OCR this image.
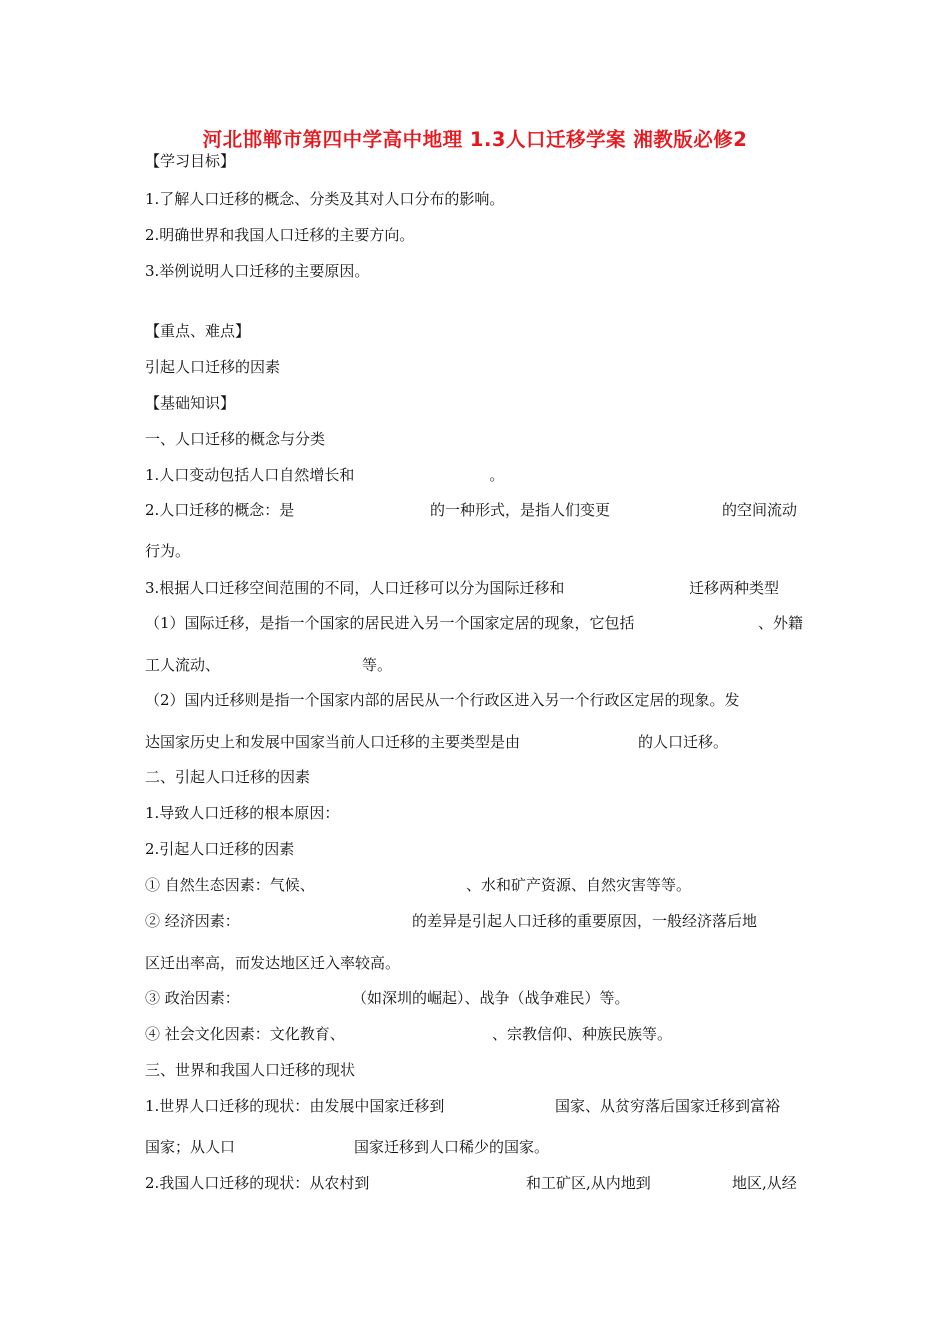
河北邯郸市第四中学高中地理 1.3人口迁移学案 湘教版必修2
【学习目标】
1.了解人口迁移的概念、分类及其对人口分布的影响。
2.明确世界和我国人口迁移的主要方向。
3.举例说明人口迁移的主要原因。
【重点、难点】
引起人口迁移的因素
【基础知识】
一、人口迁移的概念与分类
1.人口变动包括人口自然增长和	。
2.人口迁移的概念：是	的一种形式，是指人们变更	的空间流动
行为。
3.根据人口迁移空间范围的不同，人口迁移可以分为国际迁移和	迁移两种类型
（1）国际迁移，是指一个国家的居民进入另一个国家定居的现象，它包括	、外籍
工人流动、	等。
（2）国内迁移则是指一个国家内部的居民从一个行政区进入另一个行政区定居的现象。发
达国家历史上和发展中国家当前人口迁移的主要类型是由	的人口迁移。
二、引起人口迁移的因素
1.导致人口迁移的根本原因：
2.引起人口迁移的因素
① 自然生态因素：气候、	、水和矿产资源、自然灾害等等。
② 经济因素：	的差异是引起人口迁移的重要原因，一般经济落后地
区迁出率高，而发达地区迁入率较高。
③ 政治因素：	（如深圳的崛起）、战争（战争难民）等。
④ 社会文化因素：文化教育、	、宗教信仰、种族民族等。
三、世界和我国人口迁移的现状
1.世界人口迁移的现状：由发展中国家迁移到	国家、从贫穷落后国家迁移到富裕
国家；从人口	国家迁移到人口稀少的国家。
2.我国人口迁移的现状：从农村到	和工矿区,从内地到	地区,从经
